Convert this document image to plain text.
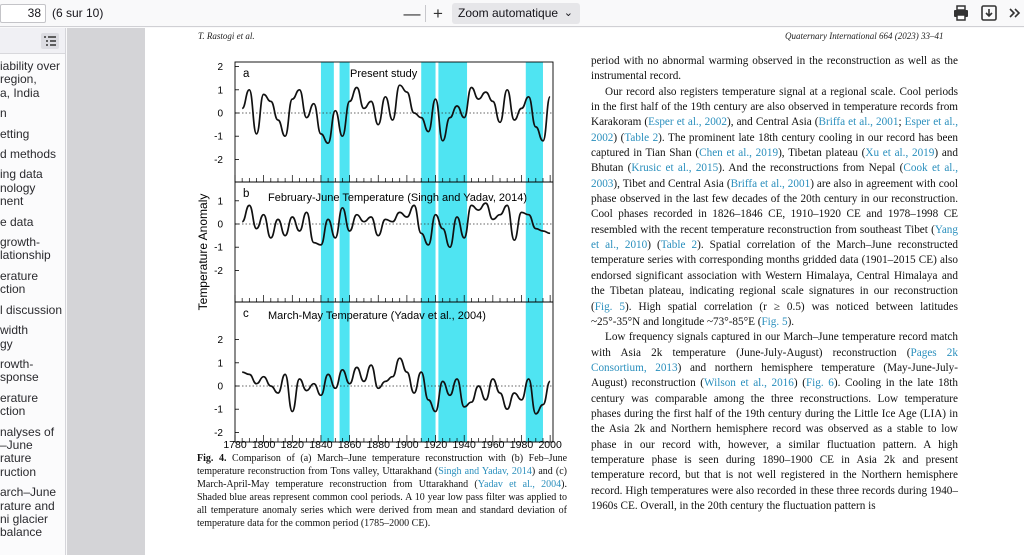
38 (6 sur 10)	— +	Zoom automatique ⌄
iability over
region,
a, India
n
etting
d methods
ing data
nology
nent
e data
growth-
lationship
erature
ction
l discussion
width
gy
rowth-
sponse
erature
ction
nalyses of
–June
rature
ruction
arch–June
rature and
ni glacier
balance
T. Rastogi et al.	Quaternary International 664 (2023) 33–41
2
1
0
-1
-2
a	Present study
1
0
-1
-2
b February-June Temperature (Singh and Yadav, 2014)
2
1
0
-1
-2
c March-May Temperature (Yadav et al., 2004)
Temperature Anomaly
1780 1800 1820 1840 1860 1880 1900 1920 1940 1960 1980 2000
Fig. 4. Comparison of (a) March–June temperature reconstruction with (b) Feb–June temperature reconstruction from Tons valley, Uttarakhand (Singh and Yadav, 2014) and (c) March-April-May temperature reconstruction from Uttarakhand (Yadav et al., 2004). Shaded blue areas represent common cool periods. A 10 year low pass filter was applied to all temperature anomaly series which were derived from mean and standard deviation of temperature data for the common period (1785–2000 CE).

period with no abnormal warming observed in the reconstruction as well as the instrumental record.

Our record also registers temperature signal at a regional scale. Cool periods in the first half of the 19th century are also observed in temperature records from Karakoram (Esper et al., 2002), and Central Asia (Briffa et al., 2001; Esper et al., 2002) (Table 2). The prominent late 18th century cooling in our record has been captured in Tian Shan (Chen et al., 2019), Tibetan plateau (Xu et al., 2019) and Bhutan (Krusic et al., 2015). And the reconstructions from Nepal (Cook et al., 2003), Tibet and Central Asia (Briffa et al., 2001) are also in agreement with cool phase observed in the last few decades of the 20th century in our reconstruction. Cool phases recorded in 1826–1846 CE, 1910–1920 CE and 1978–1998 CE resembled with the recent temperature reconstruction from southeast Tibet (Yang et al., 2010) (Table 2). Spatial correlation of the March–June reconstructed temperature series with corresponding months gridded data (1901–2015 CE) also endorsed significant association with Western Himalaya, Central Himalaya and the Tibetan plateau, indicating regional scale signatures in our reconstruction (Fig. 5). High spatial correlation (r ≥ 0.5) was noticed between latitudes ~25°-35°N and longitude ~73°-85°E (Fig. 5).

Low frequency signals captured in our March–June temperature record match with Asia 2k temperature (June-July-August) reconstruction (Pages 2k Consortium, 2013) and northern hemisphere temperature (May-June-July-August) reconstruction (Wilson et al., 2016) (Fig. 6). Cooling in the late 18th century was comparable among the three reconstructions. Low temperature phases during the first half of the 19th century during the Little Ice Age (LIA) in the Asia 2k and Northern hemisphere record was observed as a stable to low phase in our record with, however, a similar fluctuation pattern. A high temperature phase is seen during 1890–1900 CE in Asia 2k and present temperature record, but that is not well registered in the Northern hemisphere record. High temperatures were also recorded in these three records during 1940–1960s CE. Overall, in the 20th century the fluctuation pattern is
